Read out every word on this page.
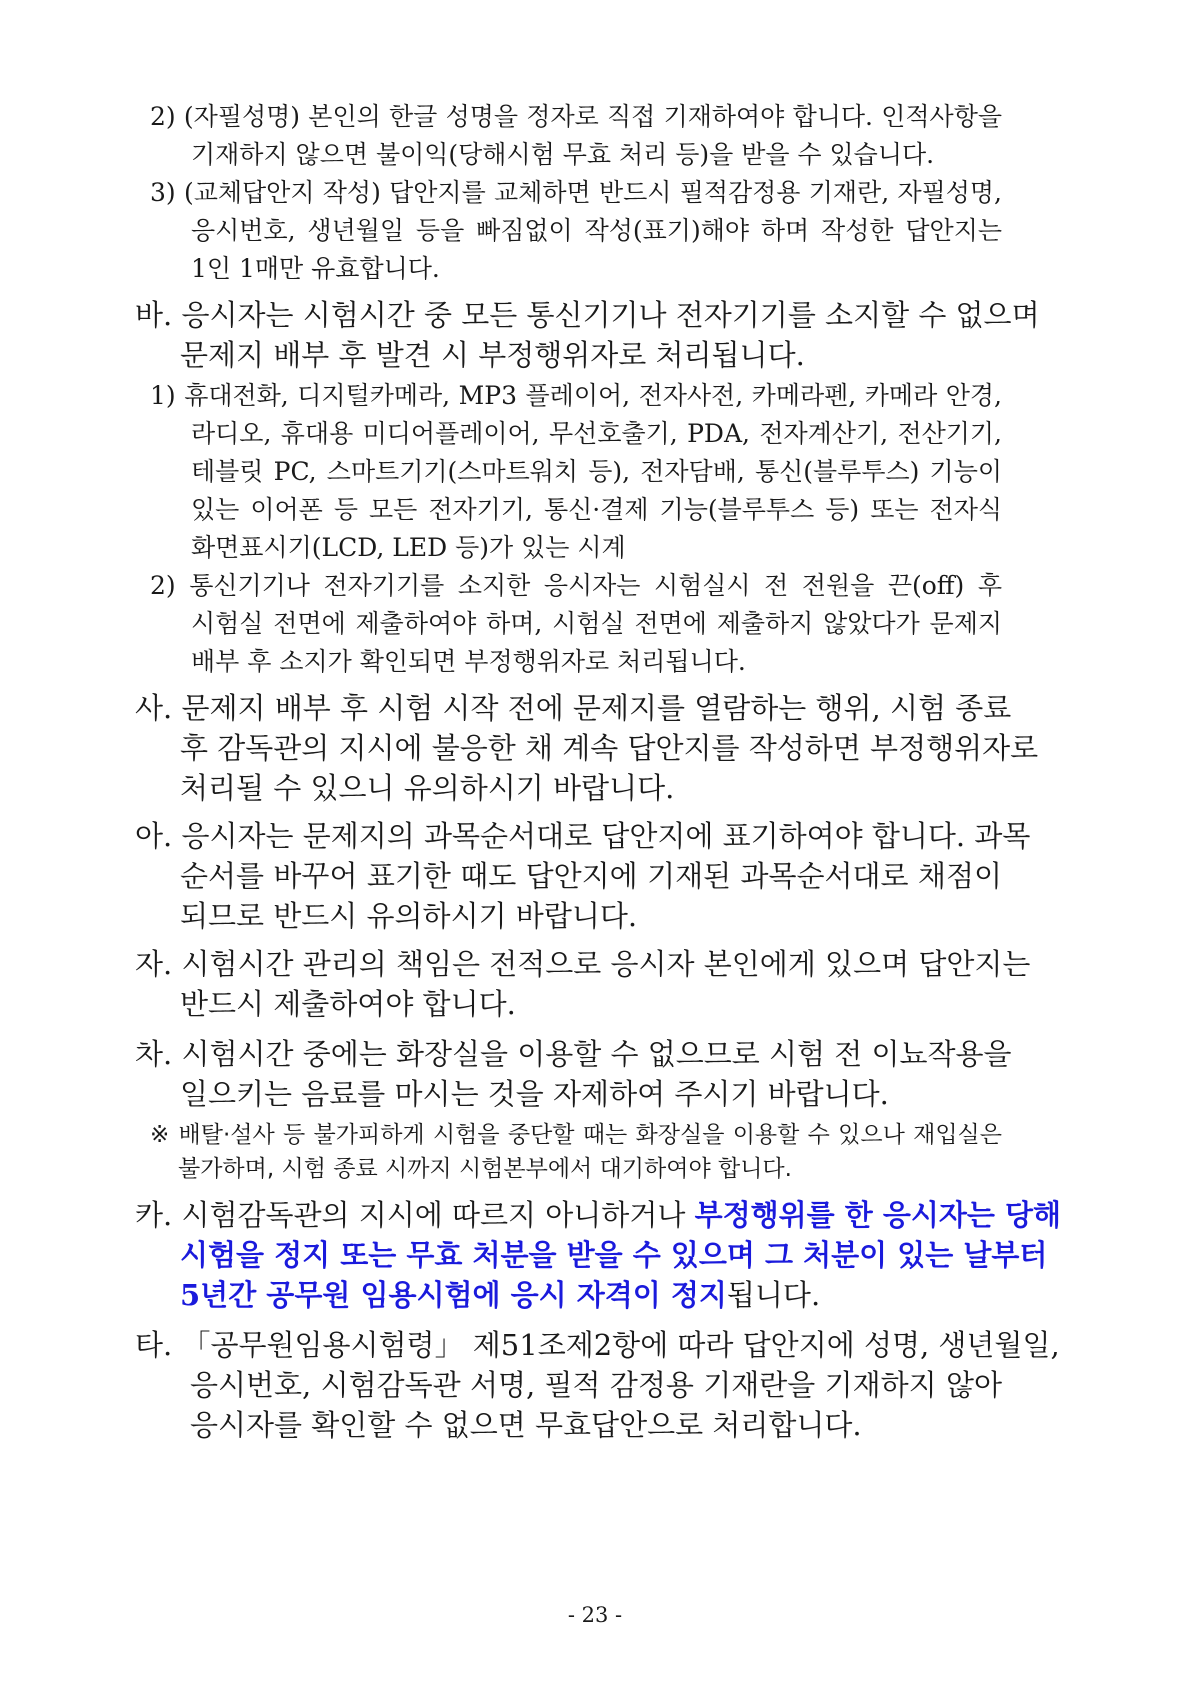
2) (자필성명) 본인의 한글 성명을 정자로 직접 기재하여야 합니다. 인적사항을
기재하지 않으면 불이익(당해시험 무효 처리 등)을 받을 수 있습니다.
3) (교체답안지 작성) 답안지를 교체하면 반드시 필적감정용 기재란, 자필성명,
응시번호, 생년월일 등을 빠짐없이 작성(표기)해야 하며 작성한 답안지는
1인 1매만 유효합니다.
바. 응시자는 시험시간 중 모든 통신기기나 전자기기를 소지할 수 없으며
문제지 배부 후 발견 시 부정행위자로 처리됩니다.
1) 휴대전화, 디지털카메라, MP3 플레이어, 전자사전, 카메라펜, 카메라 안경,
라디오, 휴대용 미디어플레이어, 무선호출기, PDA, 전자계산기, 전산기기,
테블릿 PC, 스마트기기(스마트워치 등), 전자담배, 통신(블루투스) 기능이
있는 이어폰 등 모든 전자기기, 통신·결제 기능(블루투스 등) 또는 전자식
화면표시기(LCD, LED 등)가 있는 시계
2) 통신기기나 전자기기를 소지한 응시자는 시험실시 전 전원을 끈(off) 후
시험실 전면에 제출하여야 하며, 시험실 전면에 제출하지 않았다가 문제지
배부 후 소지가 확인되면 부정행위자로 처리됩니다.
사. 문제지 배부 후 시험 시작 전에 문제지를 열람하는 행위, 시험 종료
후 감독관의 지시에 불응한 채 계속 답안지를 작성하면 부정행위자로
처리될 수 있으니 유의하시기 바랍니다.
아. 응시자는 문제지의 과목순서대로 답안지에 표기하여야 합니다. 과목
순서를 바꾸어 표기한 때도 답안지에 기재된 과목순서대로 채점이
되므로 반드시 유의하시기 바랍니다.
자. 시험시간 관리의 책임은 전적으로 응시자 본인에게 있으며 답안지는
반드시 제출하여야 합니다.
차. 시험시간 중에는 화장실을 이용할 수 없으므로 시험 전 이뇨작용을
일으키는 음료를 마시는 것을 자제하여 주시기 바랍니다.
※ 배탈·설사 등 불가피하게 시험을 중단할 때는 화장실을 이용할 수 있으나 재입실은
불가하며, 시험 종료 시까지 시험본부에서 대기하여야 합니다.
카. 시험감독관의 지시에 따르지 아니하거나 부정행위를 한 응시자는 당해
시험을 정지 또는 무효 처분을 받을 수 있으며 그 처분이 있는 날부터
5년간 공무원 임용시험에 응시 자격이 정지됩니다.
타. 「공무원임용시험령」 제51조제2항에 따라 답안지에 성명, 생년월일,
응시번호, 시험감독관 서명, 필적 감정용 기재란을 기재하지 않아
응시자를 확인할 수 없으면 무효답안으로 처리합니다.
- 23 -
